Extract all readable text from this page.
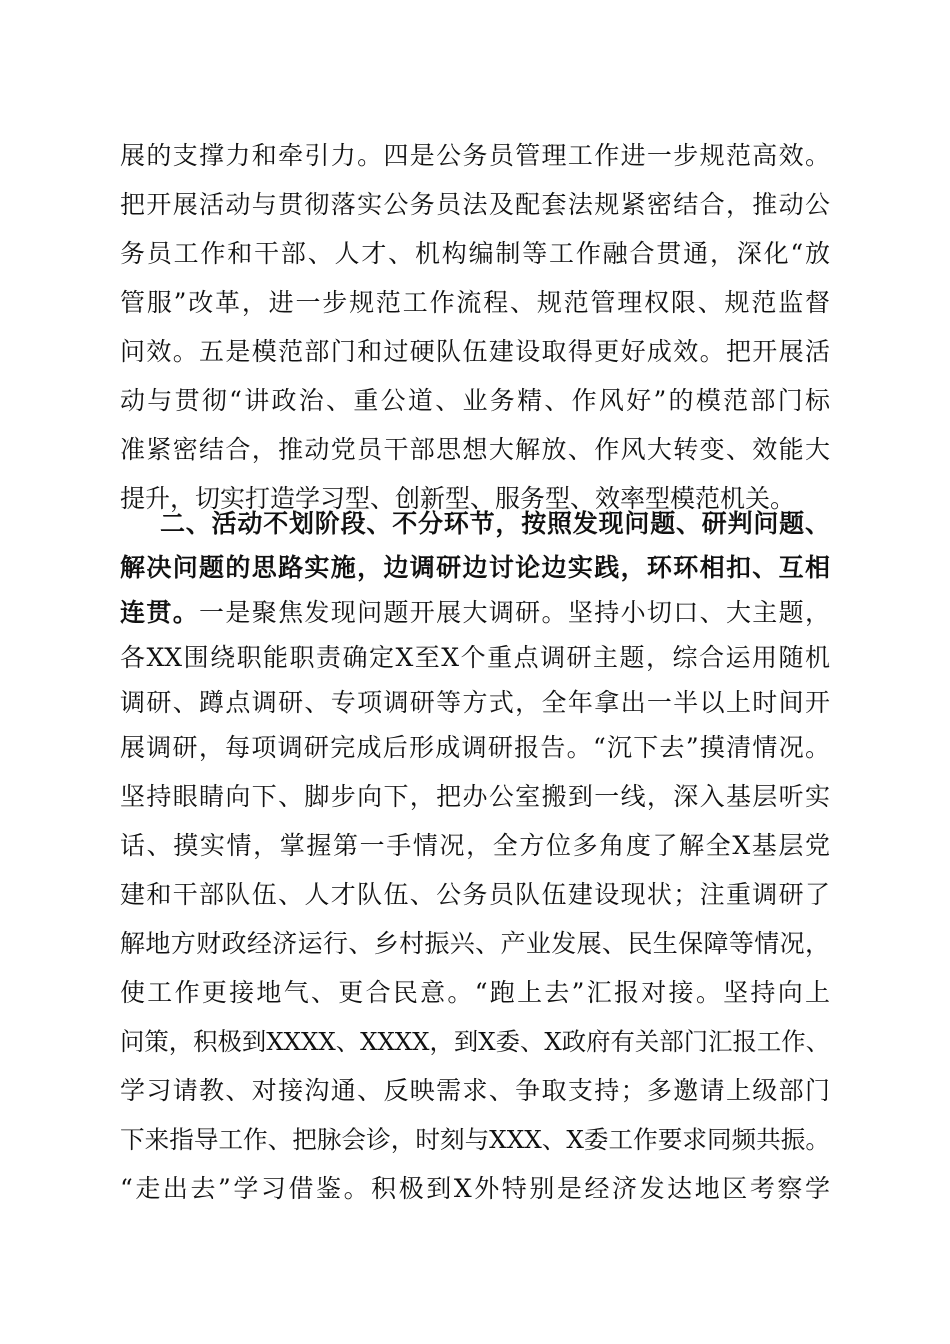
展的支撑力和牵引力。四是公务员管理工作进一步规范高效。
把开展活动与贯彻落实公务员法及配套法规紧密结合，推动公
务员工作和干部、人才、机构编制等工作融合贯通，深化“放
管服”改革，进一步规范工作流程、规范管理权限、规范监督
问效。五是模范部门和过硬队伍建设取得更好成效。把开展活
动与贯彻“讲政治、重公道、业务精、作风好”的模范部门标
准紧密结合，推动党员干部思想大解放、作风大转变、效能大
提升，切实打造学习型、创新型、服务型、效率型模范机关。
二、活动不划阶段、不分环节，按照发现问题、研判问题、
解决问题的思路实施，边调研边讨论边实践，环环相扣、互相
连贯。一是聚焦发现问题开展大调研。坚持小切口、大主题，
各XX围绕职能职责确定X至X个重点调研主题，综合运用随机
调研、蹲点调研、专项调研等方式，全年拿出一半以上时间开
展调研，每项调研完成后形成调研报告。“沉下去”摸清情况。
坚持眼睛向下、脚步向下，把办公室搬到一线，深入基层听实
话、摸实情，掌握第一手情况，全方位多角度了解全X基层党
建和干部队伍、人才队伍、公务员队伍建设现状；注重调研了
解地方财政经济运行、乡村振兴、产业发展、民生保障等情况，
使工作更接地气、更合民意。“跑上去”汇报对接。坚持向上
问策，积极到XXXX、XXXX，到X委、X政府有关部门汇报工作、
学习请教、对接沟通、反映需求、争取支持；多邀请上级部门
下来指导工作、把脉会诊，时刻与XXX、X委工作要求同频共振。
“走出去”学习借鉴。积极到X外特别是经济发达地区考察学
